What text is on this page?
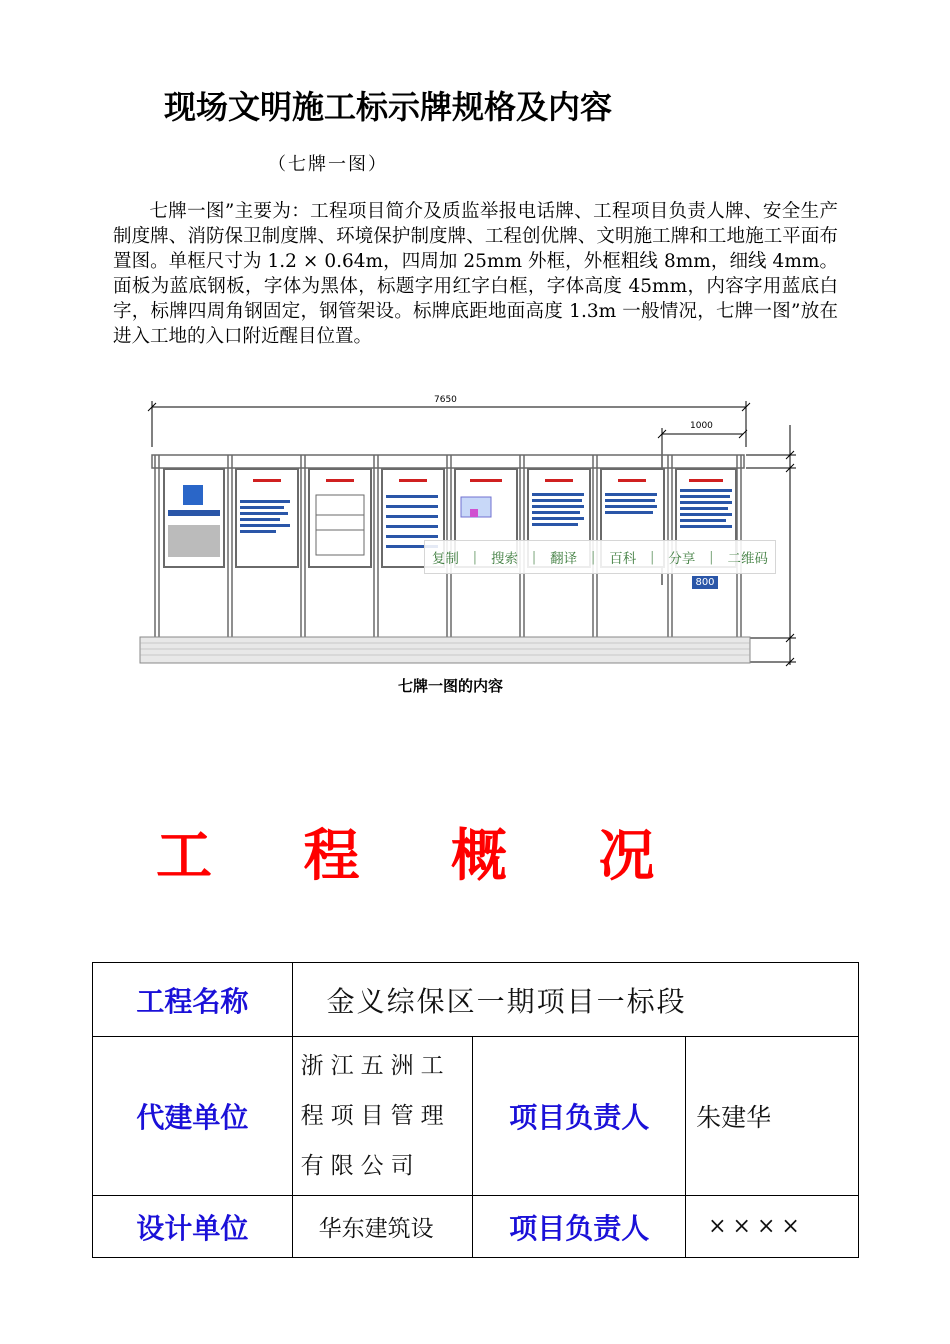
现场文明施工标示牌规格及内容
（七牌一图）
七牌一图”主要为：工程项目简介及质监举报电话牌、工程项目负责人牌、安全生产制度牌、消防保卫制度牌、环境保护制度牌、工程创优牌、文明施工牌和工地施工平面布置图。单框尺寸为 1.2 × 0.64m，四周加 25mm 外框，外框粗线 8mm，细线 4mm。面板为蓝底钢板，字体为黑体，标题字用红字白框，字体高度 45mm，内容字用蓝底白字，标牌四周角钢固定，钢管架设。标牌底距地面高度 1.3m 一般情况，七牌一图”放在进入工地的入口附近醒目位置。
7650
1000
800
复制 | 搜索 | 翻译 | 百科 | 分享 | 二维码
七牌一图的内容
工 程 概 况
工程名称	金义综保区一期项目一标段		
代建单位	浙江五洲工程项目管理有限公司	项目负责人	朱建华
设计单位	华东建筑设	项目负责人	××××
